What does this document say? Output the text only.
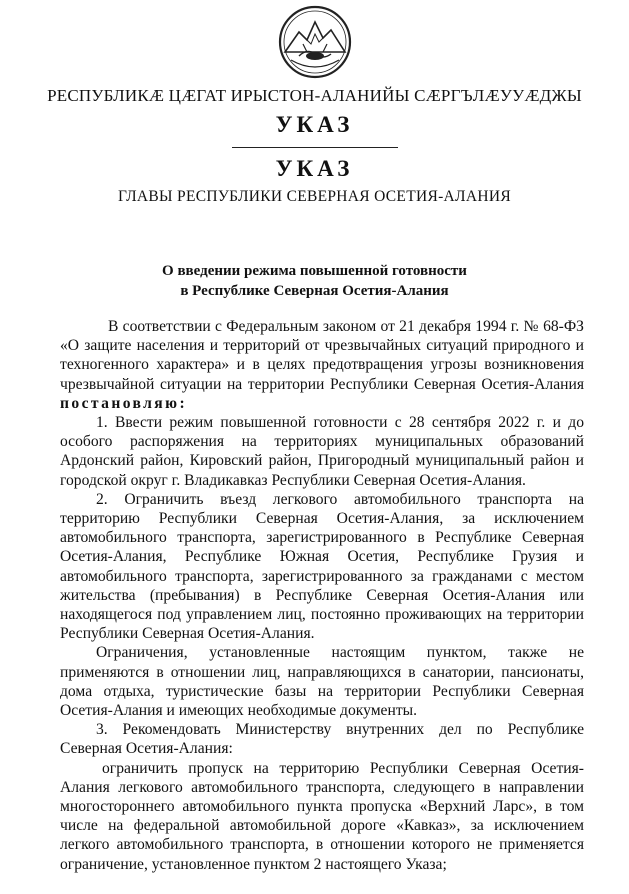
РЕСПУБЛИКӔ ЦӔГАТ ИРЫСТОН-АЛАНИЙЫ СӔРГЪЛӔУУӔДЖЫ
УКАЗ
УКАЗ
ГЛАВЫ РЕСПУБЛИКИ СЕВЕРНАЯ ОСЕТИЯ-АЛАНИЯ
О введении режима повышенной готовности
в Республике Северная Осетия-Алания

В соответствии с Федеральным законом от 21 декабря 1994 г. № 68-ФЗ «О защите населения и территорий от чрезвычайных ситуаций природного и техногенного характера» и в целях предотвращения угрозы возникновения чрезвычайной ситуации на территории Республики Северная Осетия-Алания постановляю:

1. Ввести режим повышенной готовности с 28 сентября 2022 г. и до особого распоряжения на территориях муниципальных образований Ардонский район, Кировский район, Пригородный муниципальный район и городской округ г. Владикавказ Республики Северная Осетия-Алания.

2. Ограничить въезд легкового автомобильного транспорта на территорию Республики Северная Осетия-Алания, за исключением автомобильного транспорта, зарегистрированного в Республике Северная Осетия-Алания, Республике Южная Осетия, Республике Грузия и автомобильного транспорта, зарегистрированного за гражданами с местом жительства (пребывания) в Республике Северная Осетия-Алания или находящегося под управлением лиц, постоянно проживающих на территории Республики Северная Осетия-Алания.

Ограничения, установленные настоящим пунктом, также не применяются в отношении лиц, направляющихся в санатории, пансионаты, дома отдыха, туристические базы на территории Республики Северная Осетия-Алания и имеющих необходимые документы.

3. Рекомендовать Министерству внутренних дел по Республике Северная Осетия-Алания:

ограничить пропуск на территорию Республики Северная Осетия-Алания легкового автомобильного транспорта, следующего в направлении многостороннего автомобильного пункта пропуска «Верхний Ларс», в том числе на федеральной автомобильной дороге «Кавказ», за исключением легкого автомобильного транспорта, в отношении которого не применяется ограничение, установленное пунктом 2 настоящего Указа;
